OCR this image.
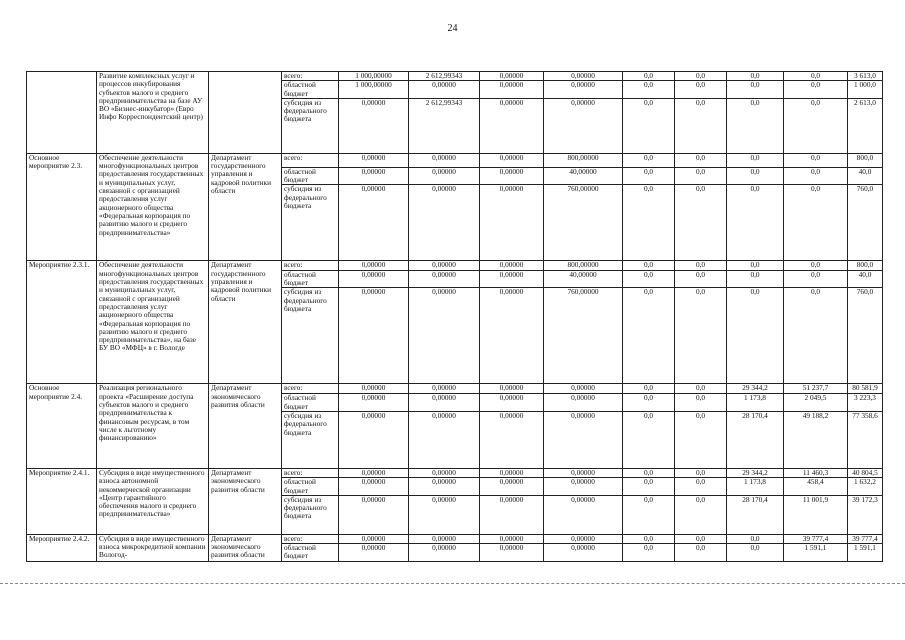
24
	Развитие комплексных услуг и процессов инкубирования субъектов малого и среднего предпринимательства на базе АУ ВО «Бизнес-инкубатор» (Евро Инфо Корреспондентский центр)		всего:	1 000,00000	2 612,99343	0,00000	0,00000	0,0	0,0	0,0	0,0	3 613,0
			областной бюджет	1 000,00000	0,00000	0,00000	0,00000	0,0	0,0	0,0	0,0	1 000,0
			субсидия из федерального бюджета	0,00000	2 612,99343	0,00000	0,00000	0,0	0,0	0,0	0,0	2 613,0
Основное мероприятие 2.3.	Обеспечение деятельности многофункциональных центров предоставления государственных и муниципальных услуг, связанной с организацией предоставления услуг акционерного общества «Федеральная корпорация по развитию малого и среднего предпринимательства»	Департамент государственного управления и кадровой политики области	всего:	0,00000	0,00000	0,00000	800,00000	0,0	0,0	0,0	0,0	800,0
			областной бюджет	0,00000	0,00000	0,00000	40,00000	0,0	0,0	0,0	0,0	40,0
			субсидия из федерального бюджета	0,00000	0,00000	0,00000	760,00000	0,0	0,0	0,0	0,0	760,0
Мероприятие 2.3.1.	Обеспечение деятельности многофункциональных центров предоставления государственных и муниципальных услуг, связанной с организацией предоставления услуг акционерного общества «Федеральная корпорация по развитию малого и среднего предпринимательства», на базе БУ ВО «МФЦ» в г. Вологде	Департамент государственного управления и кадровой политики области	всего:	0,00000	0,00000	0,00000	800,00000	0,0	0,0	0,0	0,0	800,0
			областной бюджет	0,00000	0,00000	0,00000	40,00000	0,0	0,0	0,0	0,0	40,0
			субсидия из федерального бюджета	0,00000	0,00000	0,00000	760,00000	0,0	0,0	0,0	0,0	760,0
Основное мероприятие 2.4.	Реализация регионального проекта «Расширение доступа субъектов малого и среднего предпринимательства к финансовым ресурсам, в том числе к льготному финансированию»	Департамент экономического развития области	всего:	0,00000	0,00000	0,00000	0,00000	0,0	0,0	29 344,2	51 237,7	80 581,9
			областной бюджет	0,00000	0,00000	0,00000	0,00000	0,0	0,0	1 173,8	2 049,5	3 223,3
			субсидия из федерального бюджета	0,00000	0,00000	0,00000	0,00000	0,0	0,0	28 170,4	49 188,2	77 358,6
Мероприятие 2.4.1.	Субсидия в виде имущественного взноса автономной некоммерческой организации «Центр гарантийного обеспечения малого и среднего предпринимательства»	Департамент экономического развития области	всего:	0,00000	0,00000	0,00000	0,00000	0,0	0,0	29 344,2	11 460,3	40 804,5
			областной бюджет	0,00000	0,00000	0,00000	0,00000	0,0	0,0	1 173,8	458,4	1 632,2
			субсидия из федерального бюджета	0,00000	0,00000	0,00000	0,00000	0,0	0,0	28 170,4	11 001,9	39 172,3
Мероприятие 2.4.2.	Субсидия в виде имущественного взноса микрокредитной компании Вологод-	Департамент экономического развития области	всего:	0,00000	0,00000	0,00000	0,00000	0,0	0,0	0,0	39 777,4	39 777,4
			областной бюджет	0,00000	0,00000	0,00000	0,00000	0,0	0,0	0,0	1 591,1	1 591,1
